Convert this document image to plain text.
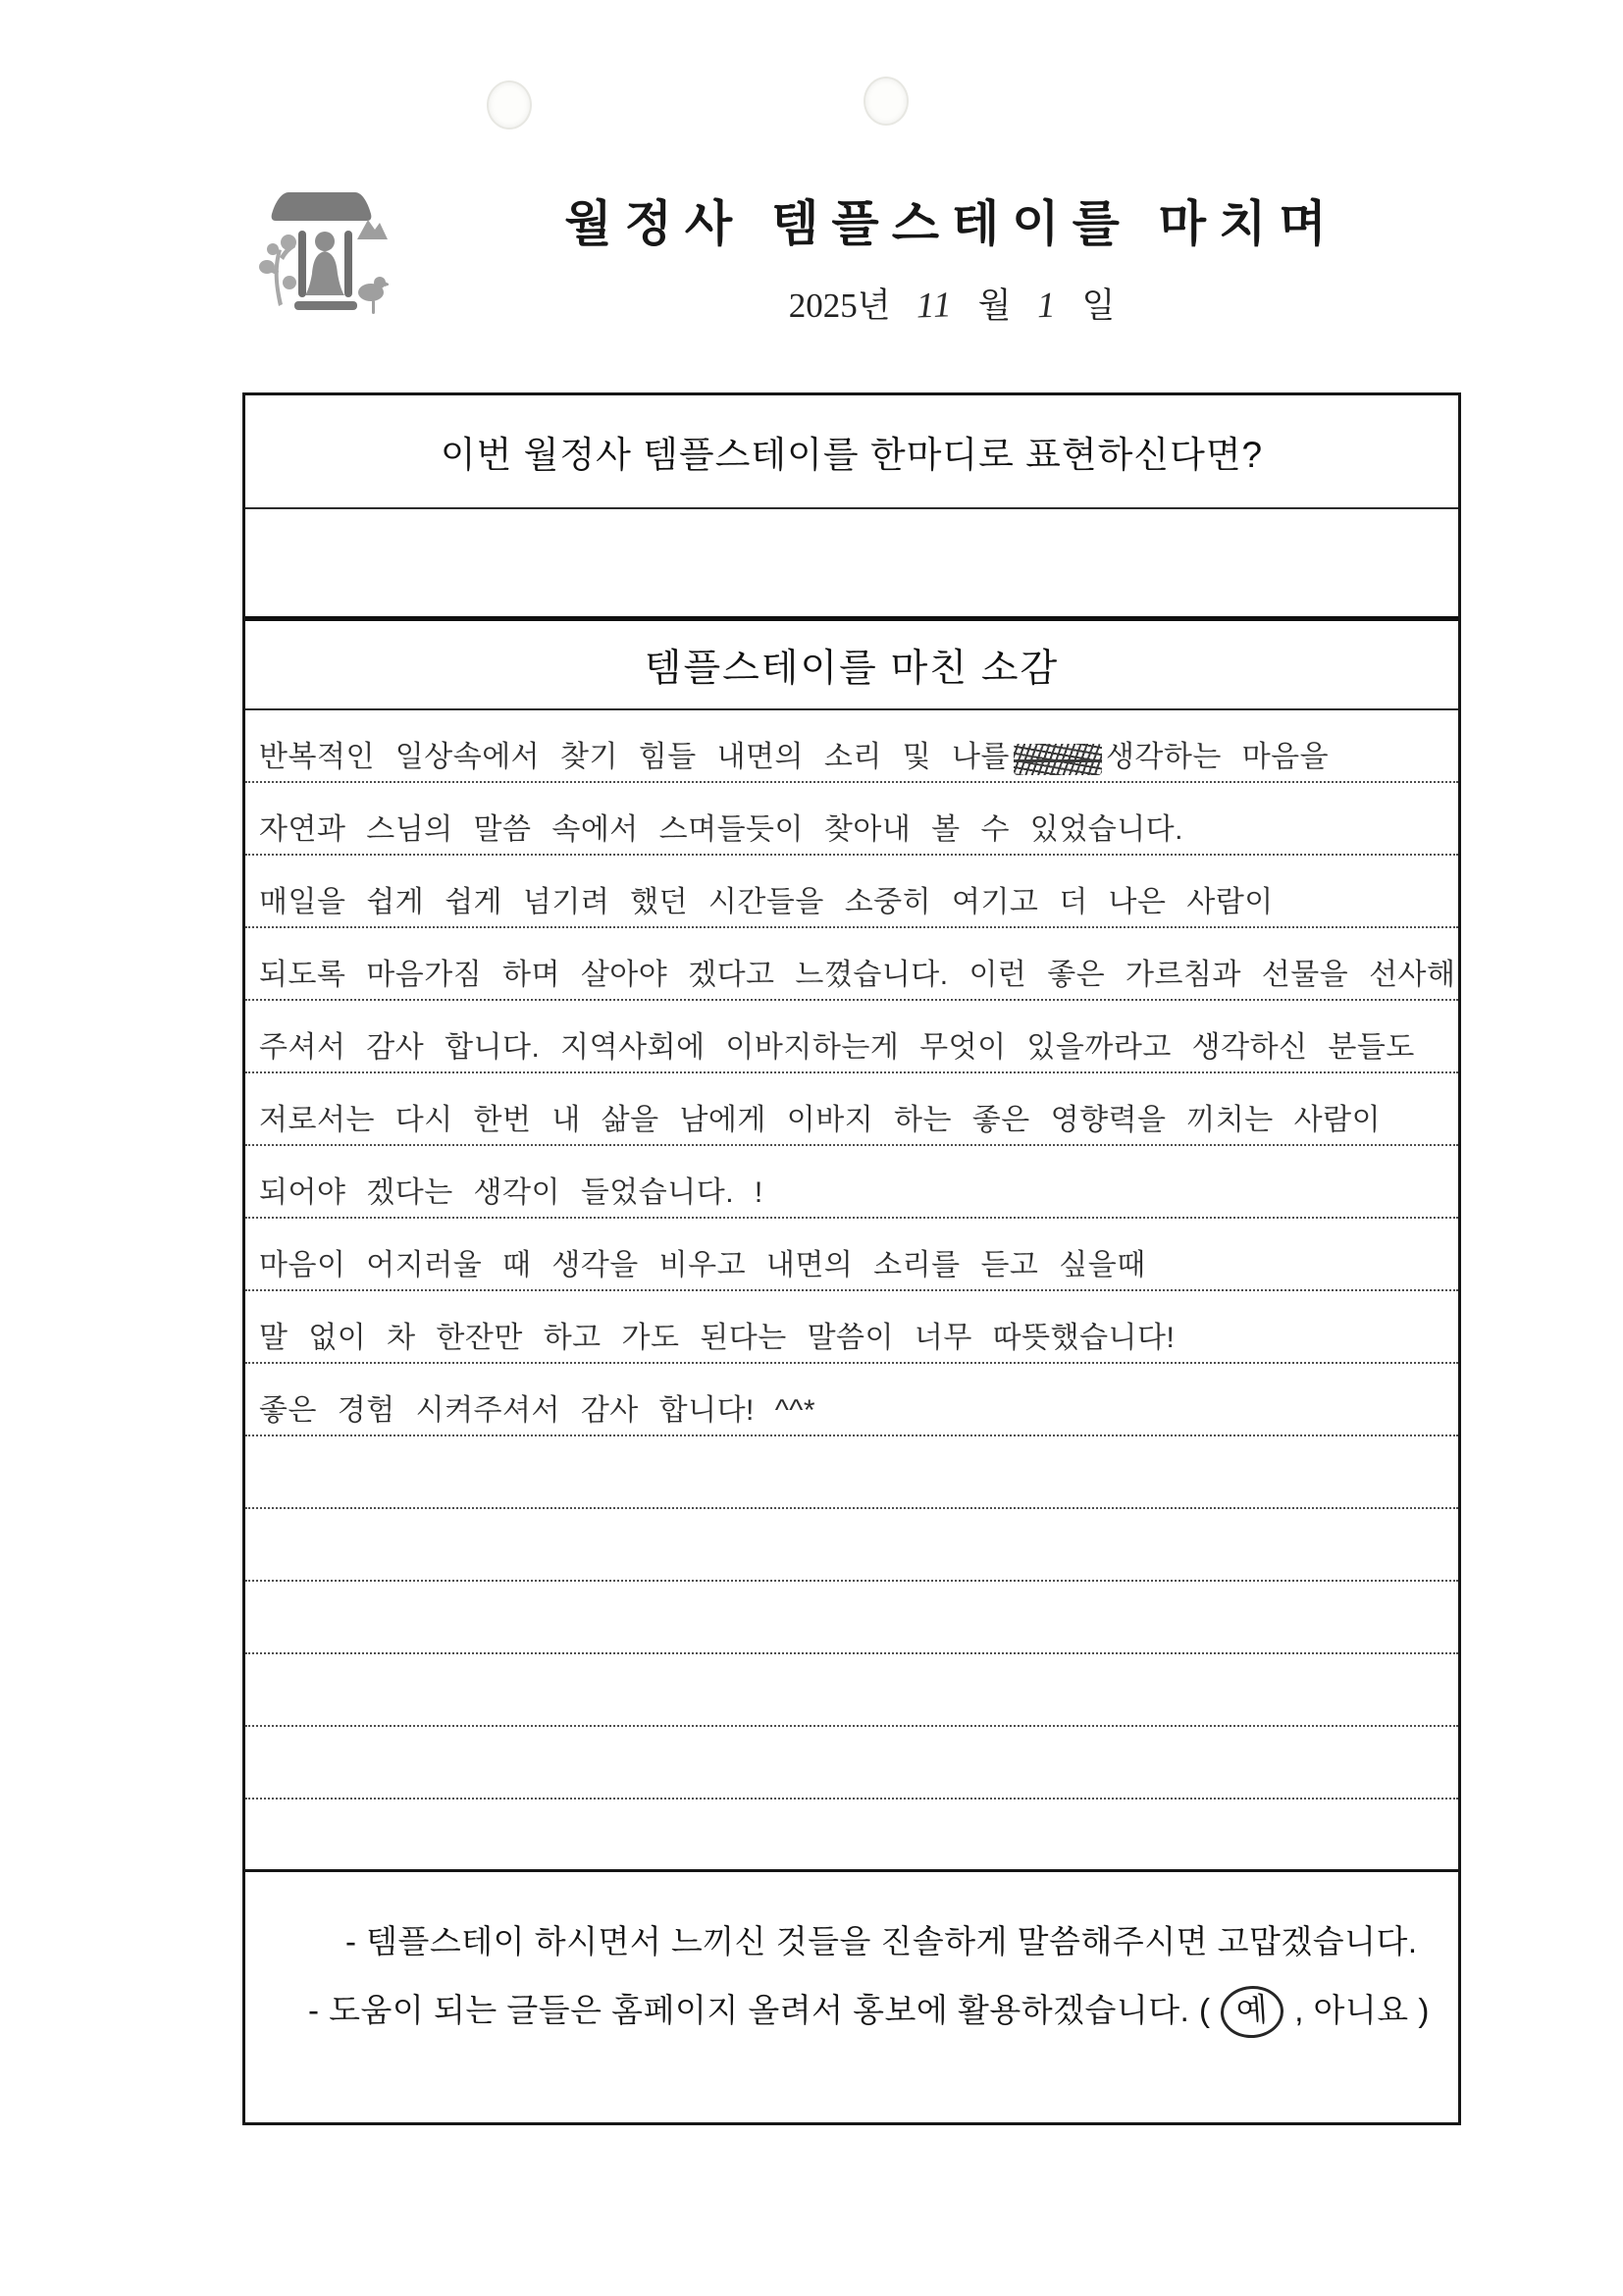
월정사 템플스테이를 마치며
2025년 11 월 1 일
이번 월정사 템플스테이를 한마디로 표현하신다면?
템플스테이를 마친 소감
반복적인 일상속에서 찾기 힘들 내면의 소리 및 나를	생각하는 마음을
자연과 스님의 말씀 속에서 스며들듯이 찾아내 볼 수 있었습니다.
매일을 쉽게 쉽게 넘기려 했던 시간들을 소중히 여기고 더 나은 사람이
되도록 마음가짐 하며 살아야 겠다고 느꼈습니다. 이런 좋은 가르침과 선물을 선사해
주셔서 감사 합니다. 지역사회에 이바지하는게 무엇이 있을까라고 생각하신 분들도
저로서는 다시 한번 내 삶을 남에게 이바지 하는 좋은 영향력을 끼치는 사람이
되어야 겠다는 생각이 들었습니다. !
마음이 어지러울 때 생각을 비우고 내면의 소리를 듣고 싶을때
말 없이 차 한잔만 하고 가도 된다는 말씀이 너무 따뜻했습니다!
좋은 경험 시켜주셔서 감사 합니다! ^^*

- 템플스테이 하시면서 느끼신 것들을 진솔하게 말씀해주시면 고맙겠습니다.

- 도움이 되는 글들은 홈페이지 올려서 홍보에 활용하겠습니다. ( 예 , 아니요 )
